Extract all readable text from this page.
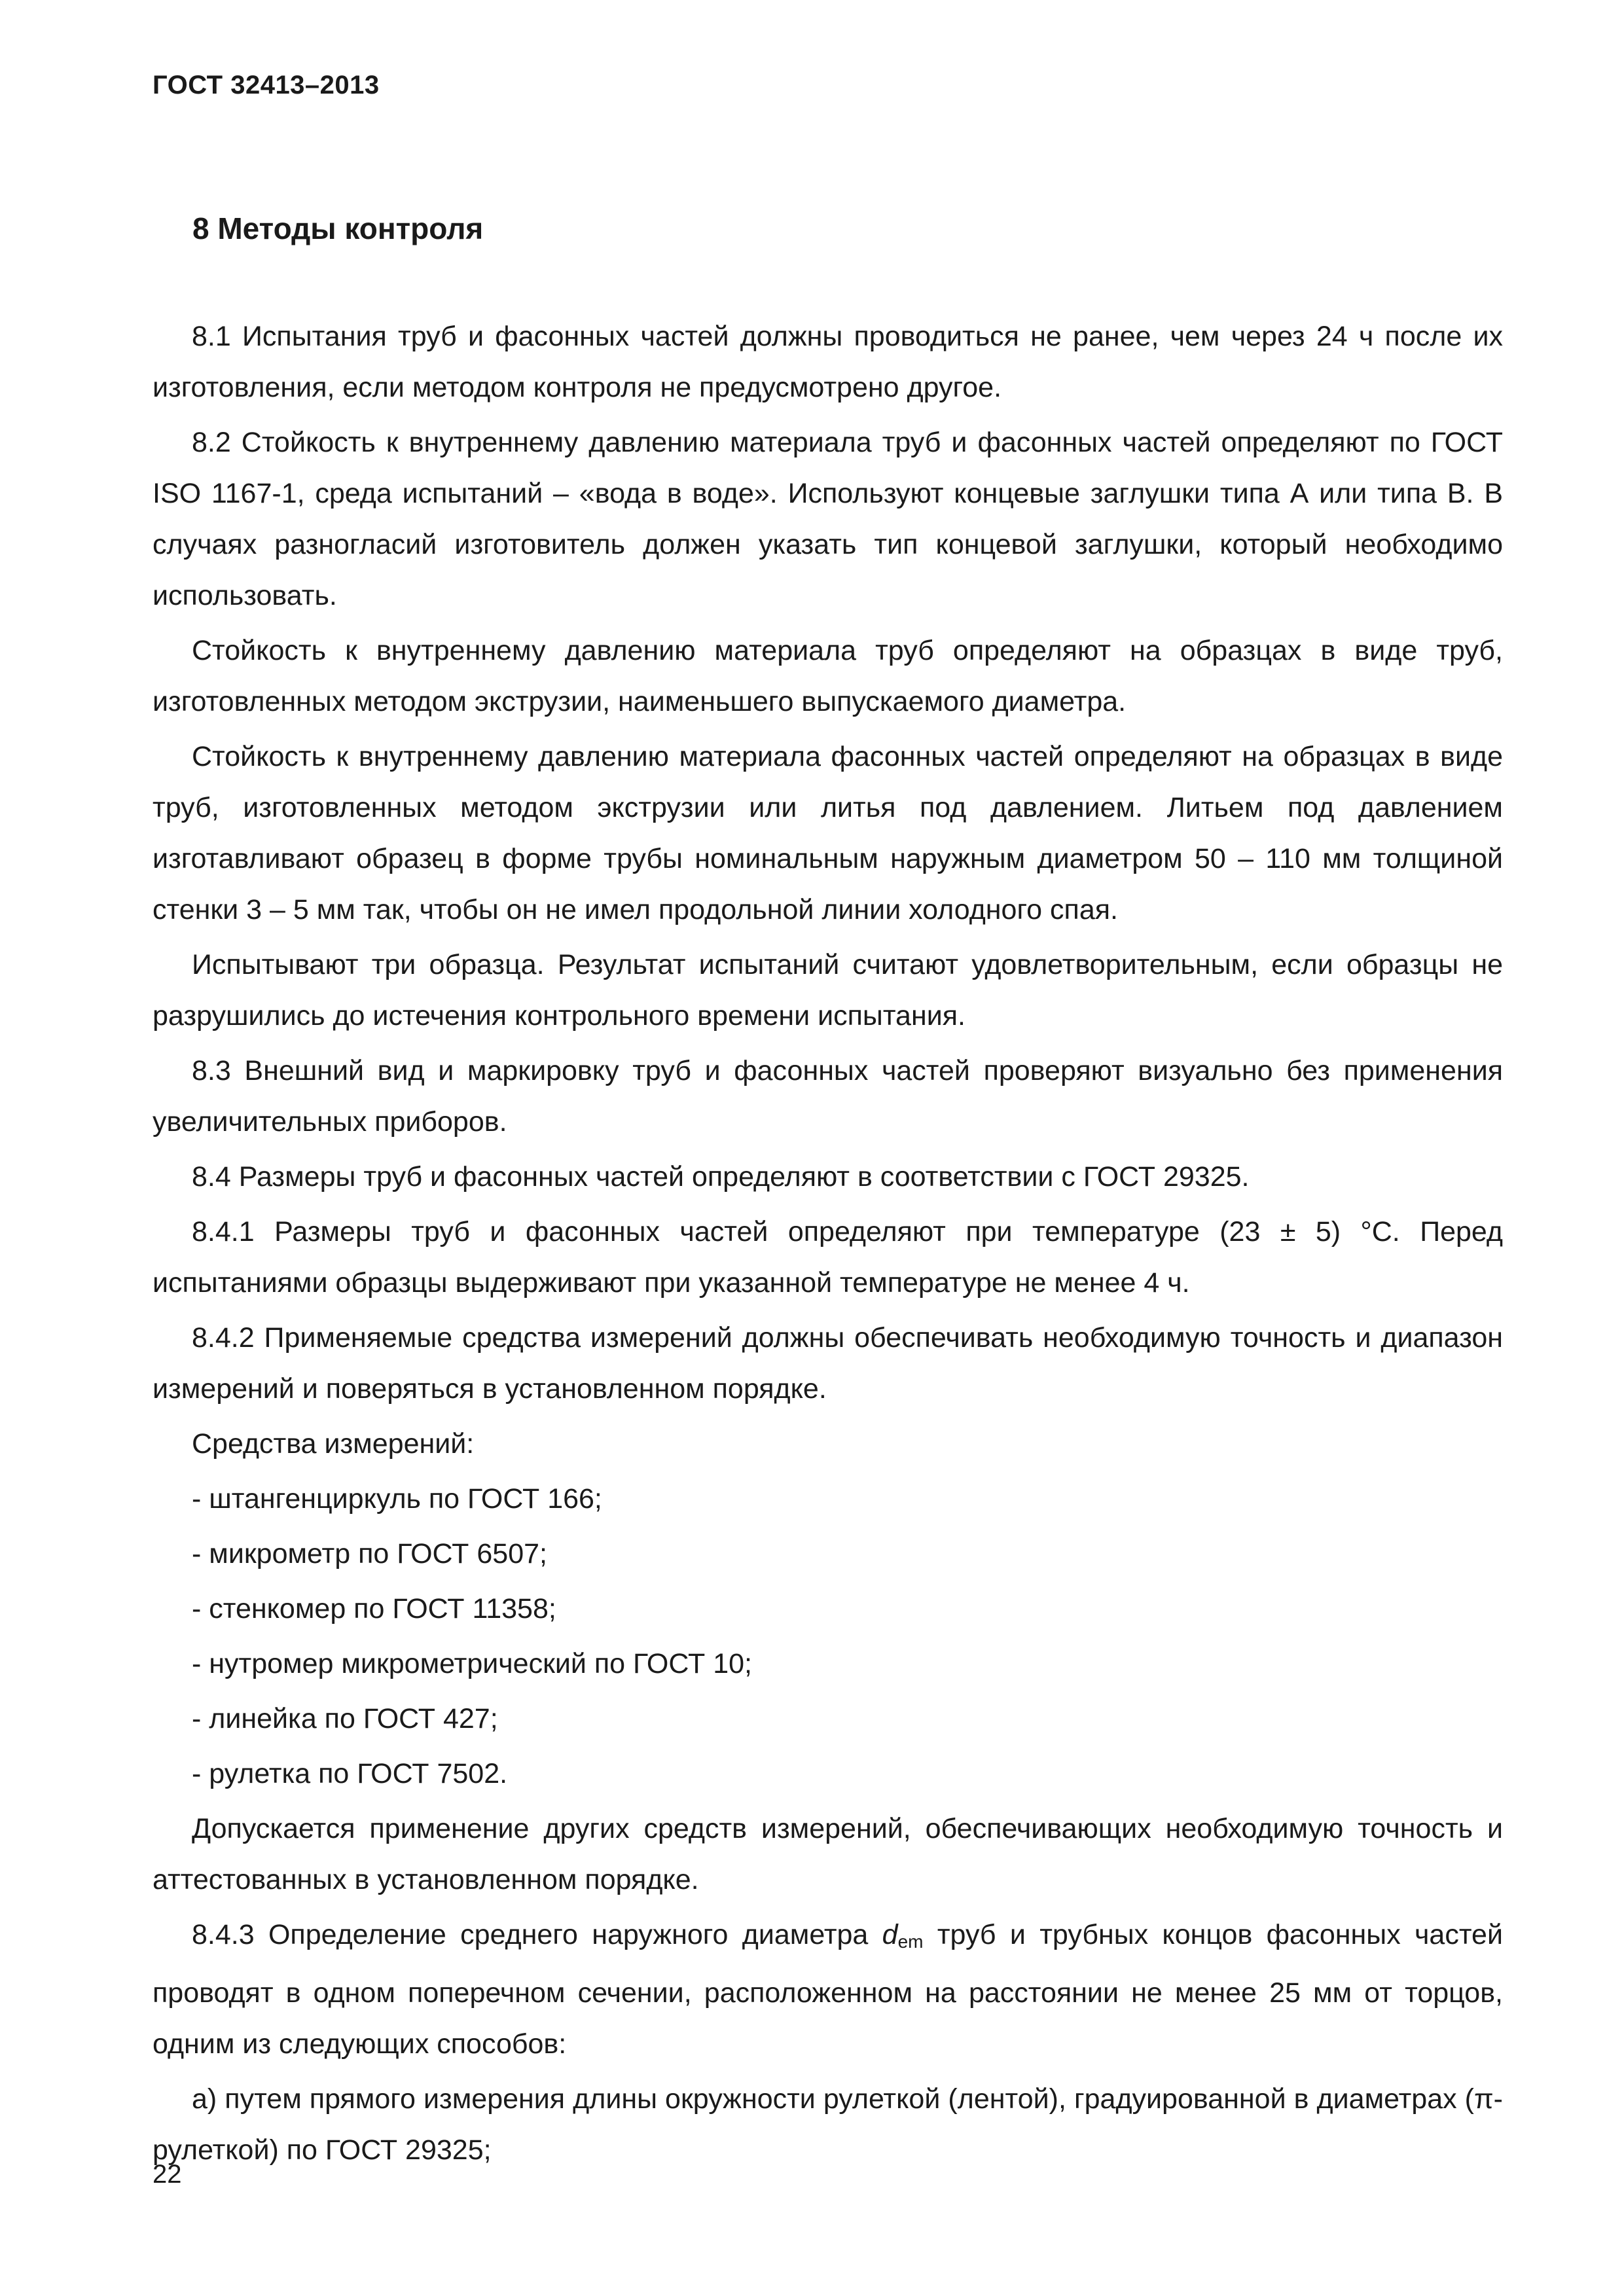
ГОСТ 32413–2013
8 Методы контроля

8.1 Испытания труб и фасонных частей должны проводиться не ранее, чем через 24 ч после их изготовления, если методом контроля не предусмотрено другое.

8.2 Стойкость к внутреннему давлению материала труб и фасонных частей определяют по ГОСТ ISO 1167-1, среда испытаний – «вода в воде». Используют концевые заглушки типа А или типа В. В случаях разногласий изготовитель должен указать тип концевой заглушки, который необходимо использовать.

Стойкость к внутреннему давлению материала труб определяют на образцах в виде труб, изготовленных методом экструзии, наименьшего выпускаемого диаметра.

Стойкость к внутреннему давлению материала фасонных частей определяют на образцах в виде труб, изготовленных методом экструзии или литья под давлением. Литьем под давлением изготавливают образец в форме трубы номинальным наружным диаметром 50 – 110 мм толщиной стенки 3 – 5 мм так, чтобы он не имел продольной линии холодного спая.

Испытывают три образца. Результат испытаний считают удовлетворительным, если образцы не разрушились до истечения контрольного времени испытания.

8.3 Внешний вид и маркировку труб и фасонных частей проверяют визуально без применения увеличительных приборов.

8.4 Размеры труб и фасонных частей определяют в соответствии с ГОСТ 29325.

8.4.1 Размеры труб и фасонных частей определяют при температуре (23 ± 5) °С. Перед испытаниями образцы выдерживают при указанной температуре не менее 4 ч.

8.4.2 Применяемые средства измерений должны обеспечивать необходимую точность и диапазон измерений и поверяться в установленном порядке.

Средства измерений:

- штангенциркуль по ГОСТ 166;

- микрометр по ГОСТ 6507;

- стенкомер по ГОСТ 11358;

- нутромер микрометрический по ГОСТ 10;

- линейка по ГОСТ 427;

- рулетка по ГОСТ 7502.

Допускается применение других средств измерений, обеспечивающих необходимую точность и аттестованных в установленном порядке.

8.4.3 Определение среднего наружного диаметра $d_{em}$ труб и трубных концов фасонных частей проводят в одном поперечном сечении, расположенном на расстоянии не менее 25 мм от торцов, одним из следующих способов:

а) путем прямого измерения длины окружности рулеткой (лентой), градуированной в диаметрах (π-рулеткой) по ГОСТ 29325;

22
